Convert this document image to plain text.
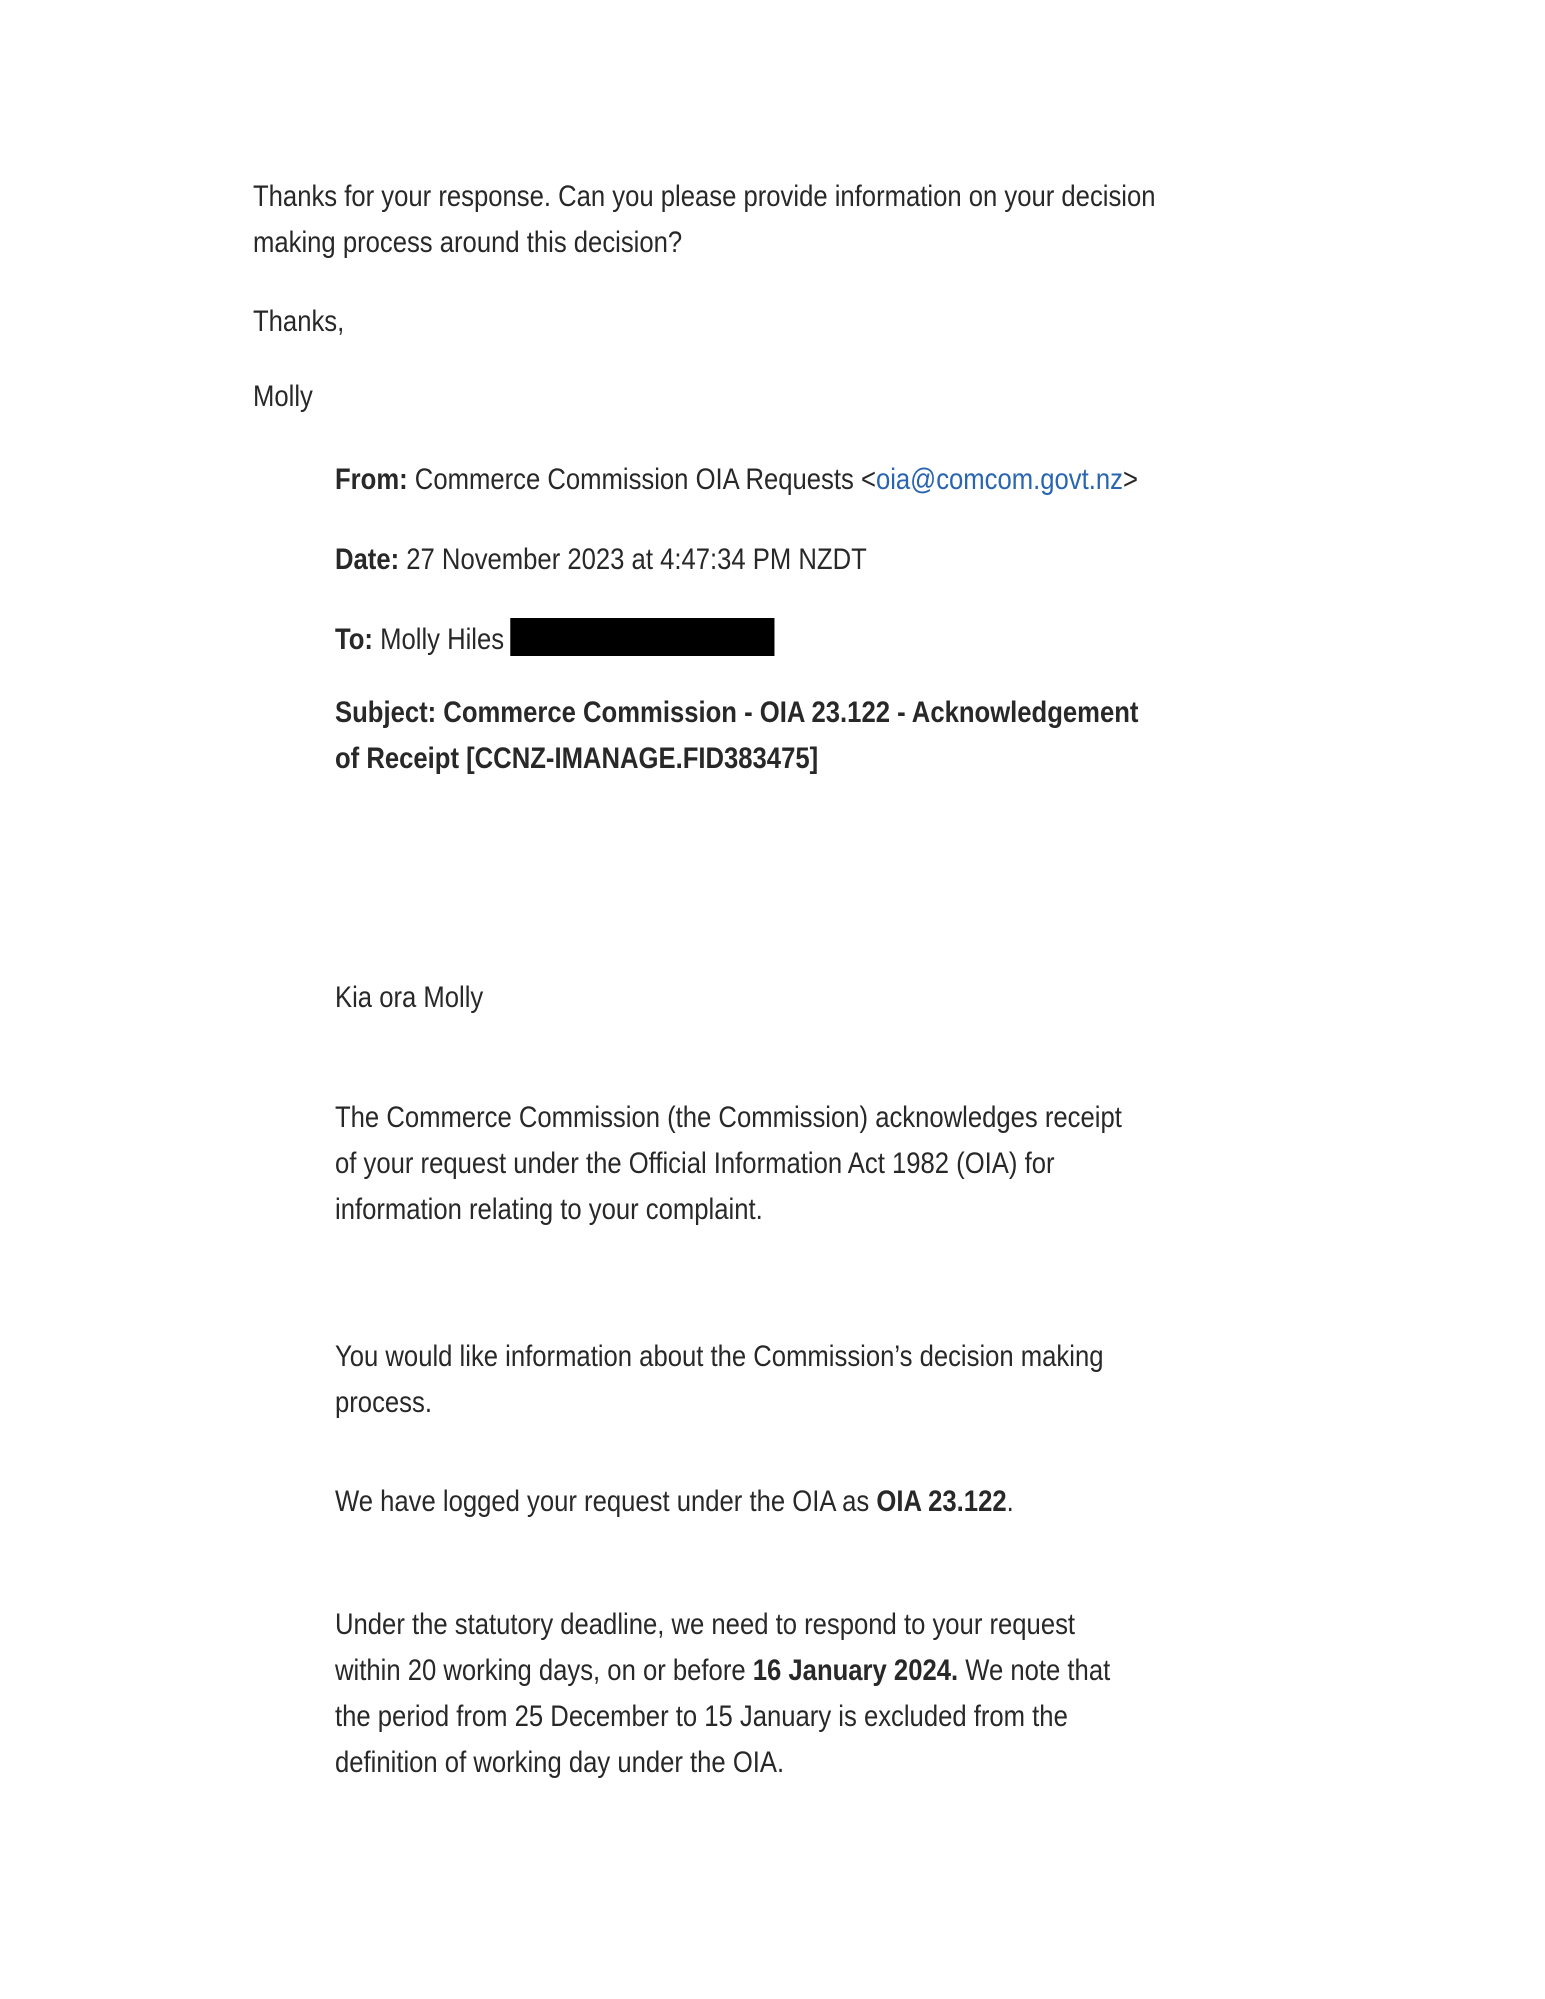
Thanks for your response. Can you please provide information on your decision
making process around this decision?
Thanks,
Molly
From: Commerce Commission OIA Requests <oia@comcom.govt.nz>
Date: 27 November 2023 at 4:47:34 PM NZDT
To: Molly Hiles
Subject: Commerce Commission - OIA 23.122 - Acknowledgement
of Receipt [CCNZ-IMANAGE.FID383475]
Kia ora Molly
The Commerce Commission (the Commission) acknowledges receipt
of your request under the Official Information Act 1982 (OIA) for
information relating to your complaint.
You would like information about the Commission’s decision making
process.
We have logged your request under the OIA as OIA 23.122.
Under the statutory deadline, we need to respond to your request
within 20 working days, on or before 16 January 2024. We note that
the period from 25 December to 15 January is excluded from the
definition of working day under the OIA.
